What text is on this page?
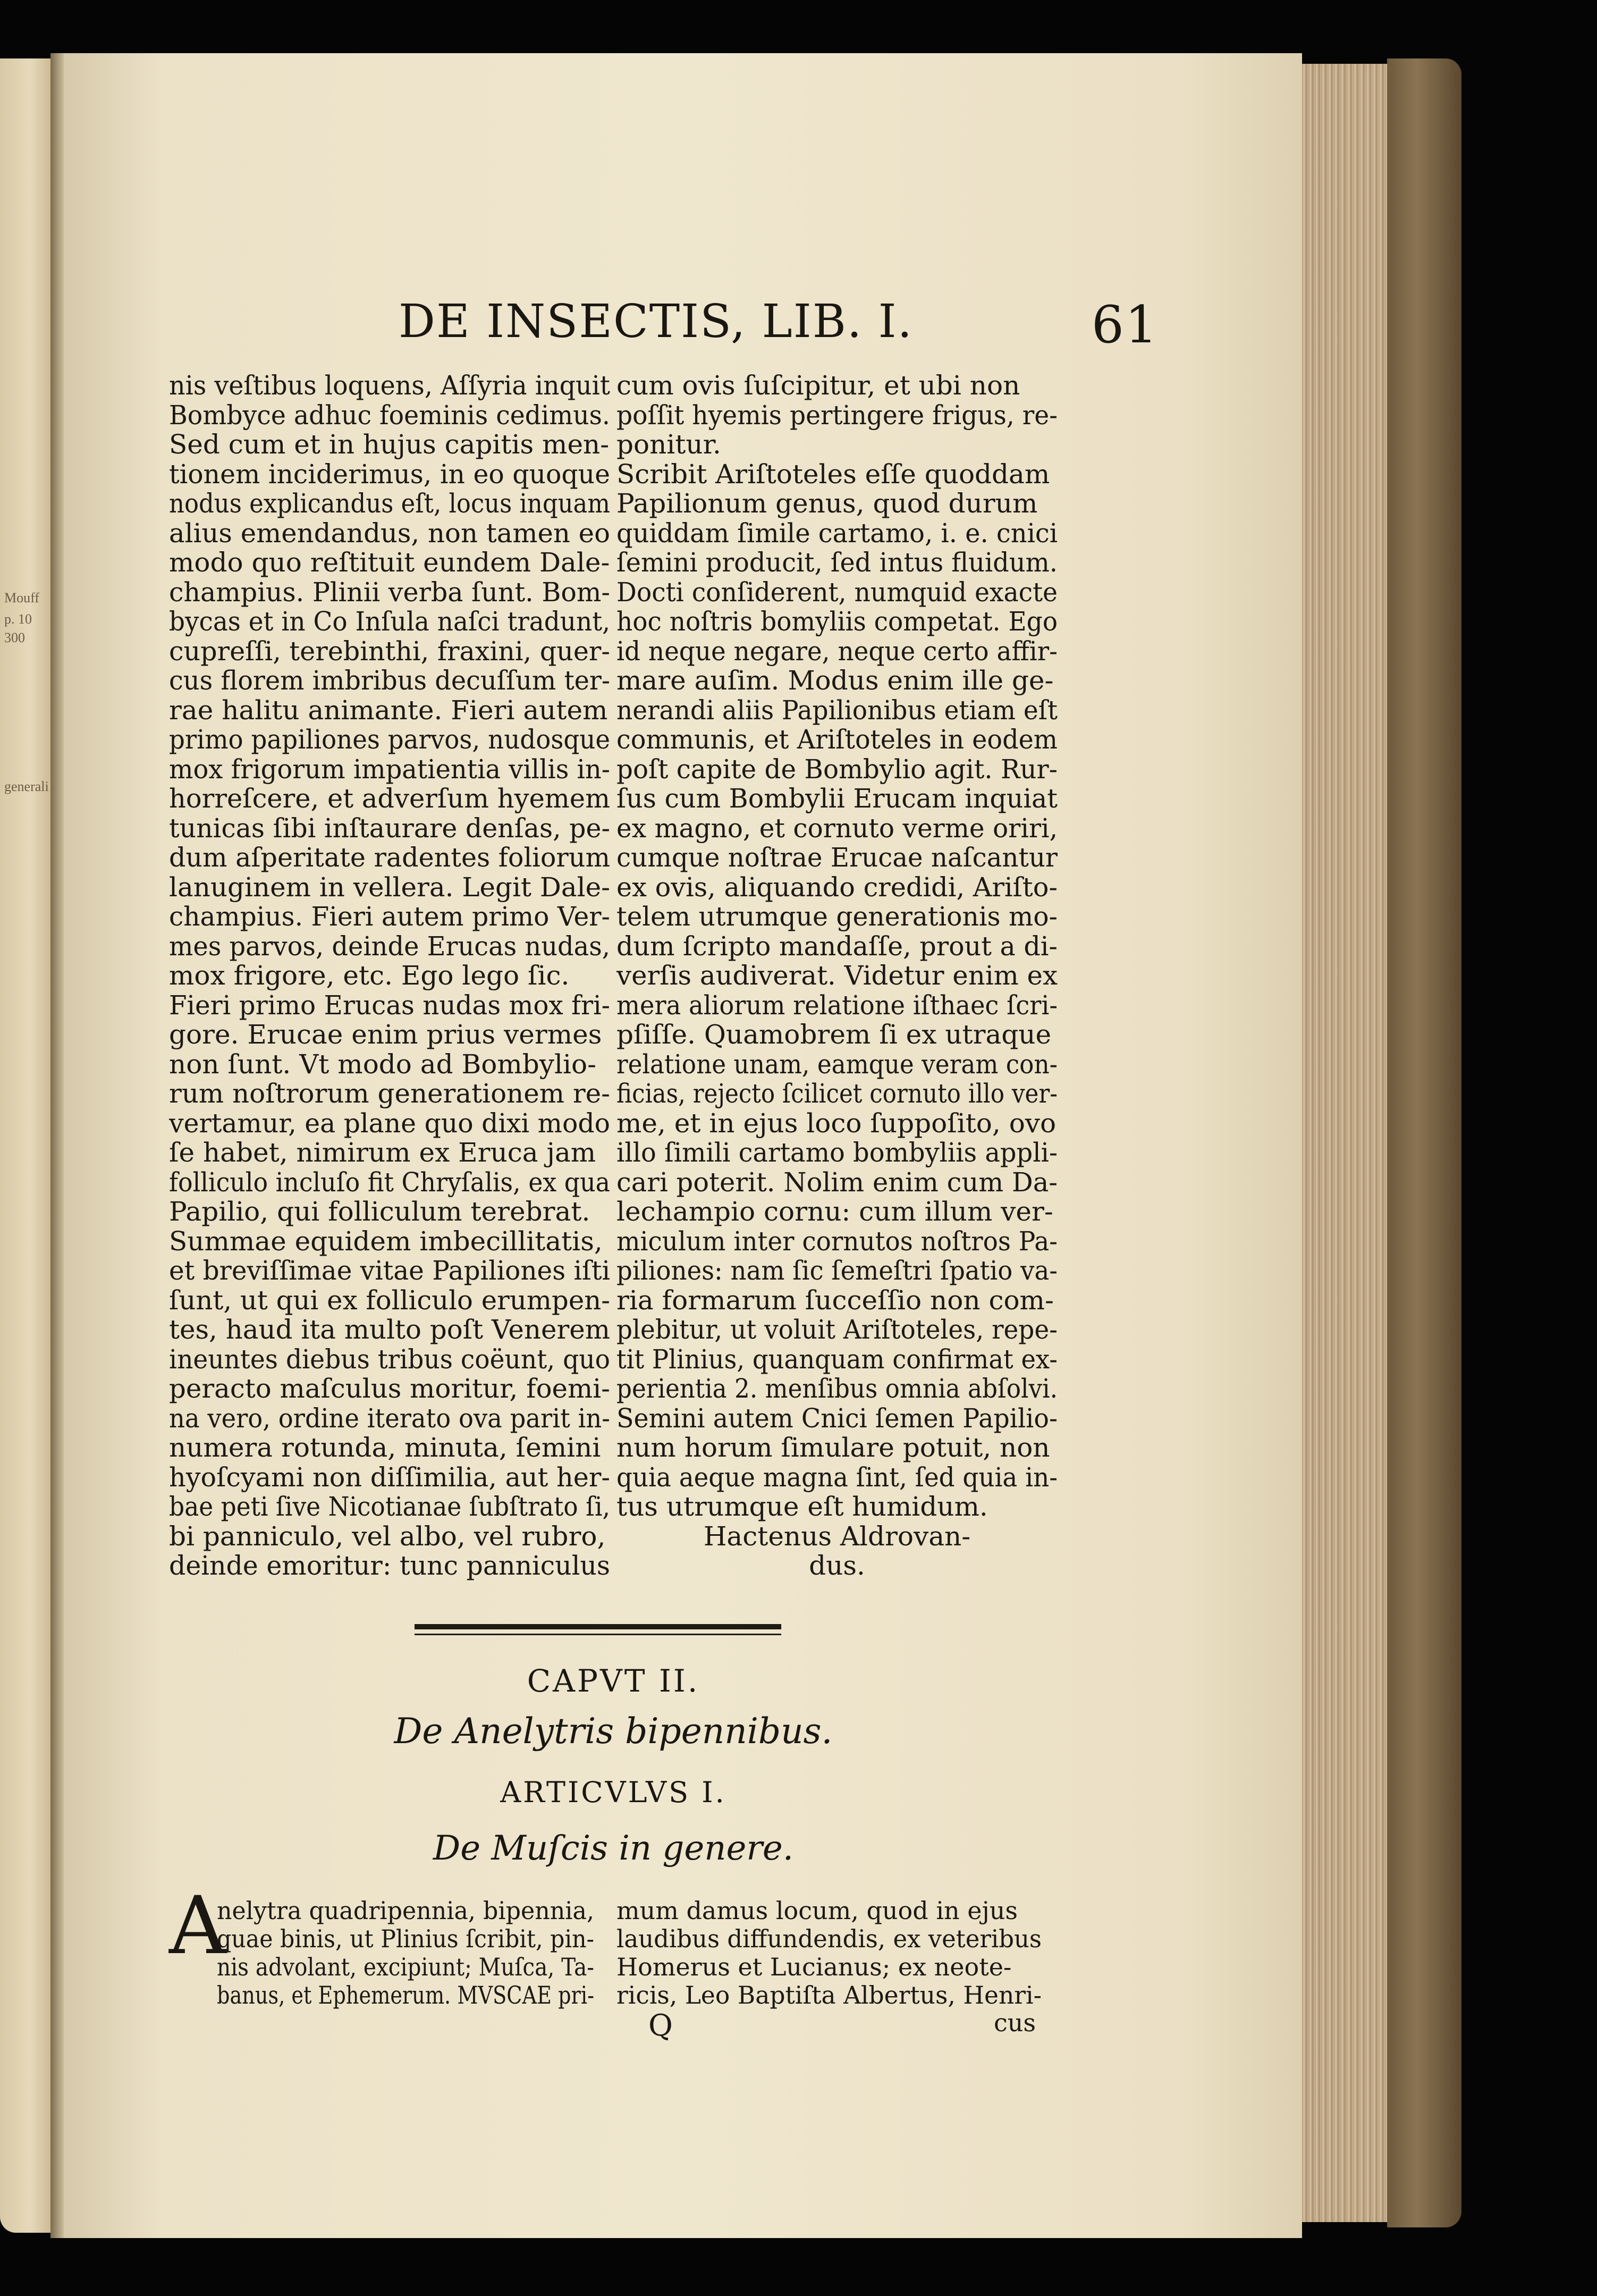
Mouff
p. 10
300
generali
DE INSECTIS, LIB. I.	61
nis veſtibus loquens, Aſſyria inquit
Bombyce adhuc foeminis cedimus.
Sed cum et in hujus capitis men-
tionem inciderimus, in eo quoque
nodus explicandus eſt, locus inquam
alius emendandus, non tamen eo
modo quo reſtituit eundem Dale-
champius. Plinii verba ſunt. Bom-
bycas et in Co Inſula naſci tradunt,
cupreſſi, terebinthi, fraxini, quer-
cus florem imbribus decuſſum ter-
rae halitu animante. Fieri autem
primo papiliones parvos, nudosque
mox frigorum impatientia villis in-
horreſcere, et adverſum hyemem
tunicas ſibi inſtaurare denſas, pe-
dum aſperitate radentes foliorum
lanuginem in vellera. Legit Dale-
champius. Fieri autem primo Ver-
mes parvos, deinde Erucas nudas,
mox frigore, etc. Ego lego ſic.
Fieri primo Erucas nudas mox fri-
gore. Erucae enim prius vermes
non ſunt. Vt modo ad Bombylio-
rum noſtrorum generationem re-
vertamur, ea plane quo dixi modo
ſe habet, nimirum ex Eruca jam
folliculo incluſo fit Chryſalis, ex qua
Papilio, qui folliculum terebrat.
Summae equidem imbecillitatis,
et breviſſimae vitae Papiliones iſti
ſunt, ut qui ex folliculo erumpen-
tes, haud ita multo poſt Venerem
ineuntes diebus tribus coëunt, quo
peracto maſculus moritur, foemi-
na vero, ordine iterato ova parit in-
numera rotunda, minuta, ſemini
hyoſcyami non diſſimilia, aut her-
bae peti ſive Nicotianae ſubſtrato ſi,
bi panniculo, vel albo, vel rubro,
deinde emoritur: tunc panniculus
cum ovis ſuſcipitur, et ubi non
poſſit hyemis pertingere frigus, re-
ponitur.
Scribit Ariſtoteles eſſe quoddam
Papilionum genus, quod durum
quiddam ſimile cartamo, i. e. cnici
ſemini producit, ſed intus fluidum.
Docti conſiderent, numquid exacte
hoc noſtris bomyliis competat. Ego
id neque negare, neque certo affir-
mare auſim. Modus enim ille ge-
nerandi aliis Papilionibus etiam eſt
communis, et Ariſtoteles in eodem
poſt capite de Bombylio agit. Rur-
ſus cum Bombylii Erucam inquiat
ex magno, et cornuto verme oriri,
cumque noſtrae Erucae naſcantur
ex ovis, aliquando credidi, Ariſto-
telem utrumque generationis mo-
dum ſcripto mandaſſe, prout a di-
verſis audiverat. Videtur enim ex
mera aliorum relatione iſthaec ſcri-
pſiſſe. Quamobrem ſi ex utraque
relatione unam, eamque veram con-
ficias, rejecto ſcilicet cornuto illo ver-
me, et in ejus loco ſuppoſito, ovo
illo ſimili cartamo bombyliis appli-
cari poterit. Nolim enim cum Da-
lechampio cornu: cum illum ver-
miculum inter cornutos noſtros Pa-
piliones: nam ſic ſemeſtri ſpatio va-
ria formarum ſucceſſio non com-
plebitur, ut voluit Ariſtoteles, repe-
tit Plinius, quanquam confirmat ex-
perientia 2. menſibus omnia abſolvi.
Semini autem Cnici ſemen Papilio-
num horum ſimulare potuit, non
quia aeque magna ſint, ſed quia in-
tus utrumque eſt humidum.
Hactenus Aldrovan-
dus.
CAPVT II.
De Anelytris bipennibus.
ARTICVLVS I.
De Muſcis in genere.
A
nelytra quadripennia, bipennia,
quae binis, ut Plinius ſcribit, pin-
nis advolant, excipiunt; Muſca, Ta-
banus, et Ephemerum. MVSCAE pri-
mum damus locum, quod in ejus
laudibus diffundendis, ex veteribus
Homerus et Lucianus; ex neote-
ricis, Leo Baptiſta Albertus, Henri-
Q	cus
